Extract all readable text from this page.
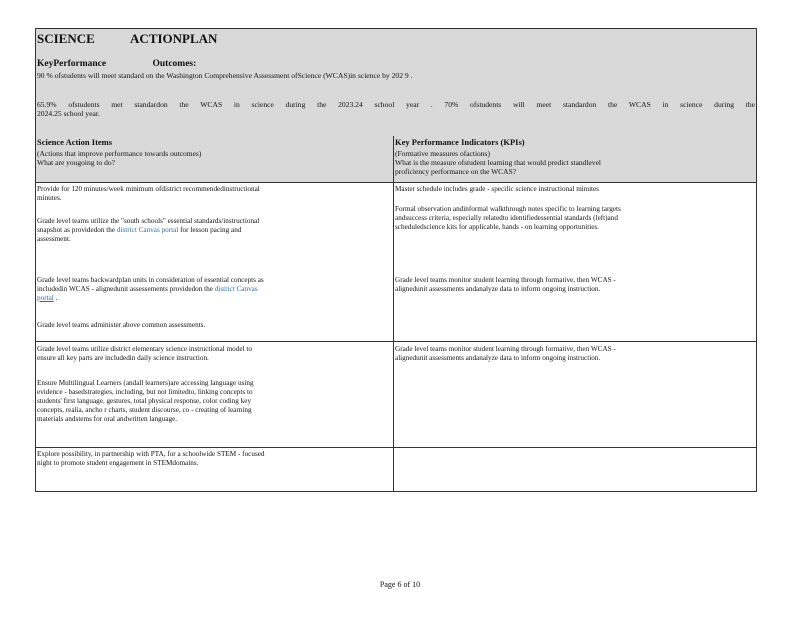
SCIENCE	ACTIONPLAN
KeyPerformance	Outcomes:
90 % ofstudents will meet standard on the Washington Comprehensive Assessment ofScience (WCAS)in science by 202 9 .
65.9% ofstudents met standardon the WCAS in science during the 2023.24 school year . 70% ofstudents will meet standardon the WCAS in science during the
2024.25 school year.
Science Action Items
(Actions that improve performance towards outcomes)
What are yougoing to do?
Key Performance Indicators (KPIs)
(Formative measures ofactions)
What is the measure ofstudent learning that would predict standlevel
proficiency performance on the WCAS?
Provide for 120 minutes/week minimum ofdistrict recommendedinstructional
minutes.
Grade level teams utilize the "south schools" essential standards/instructional
snapshot as providedon the district Canvas portal for lesson pacing and
assessment.
Grade level teams backwardplan units in consideration of essential concepts as
includedin WCAS - alignedunit assessements providedon the district Canvas
portal .
Grade level teams administer above common assessments.
Master schedule includes grade - specific science instructional minutes
Formal observation andinformal walkthrough notes specific to learning targets
andsuccess criteria, especially relatedto identifiedessential standards (left)and
scheduledscience kits for applicable, hands - on learning opportunities.
Grade level teams monitor student learning through formative, then WCAS -
alignedunit assessments andanalyze data to inform ongoing instruction.
Grade level teams utilize district elementary science instructional model to
ensure all key parts are includedin daily science instruction.
Ensure Multilingual Learners (andall learners)are accessing language using
evidence - basedstrategies, including, but not limitedto, linking concepts to
students' first language, gestures, total physical response, color coding key
concepts, realia, ancho r charts, student discourse, co - creating of learning
materials andstems for oral andwritten language.
Grade level teams monitor student learning through formative, then WCAS -
alignedunit assessments andanalyze data to inform ongoing instruction.
Explore possibility, in partnership with PTA, for a schoolwide STEM - focused
night to promote student engagement in STEMdomains.
Page 6 of 10
